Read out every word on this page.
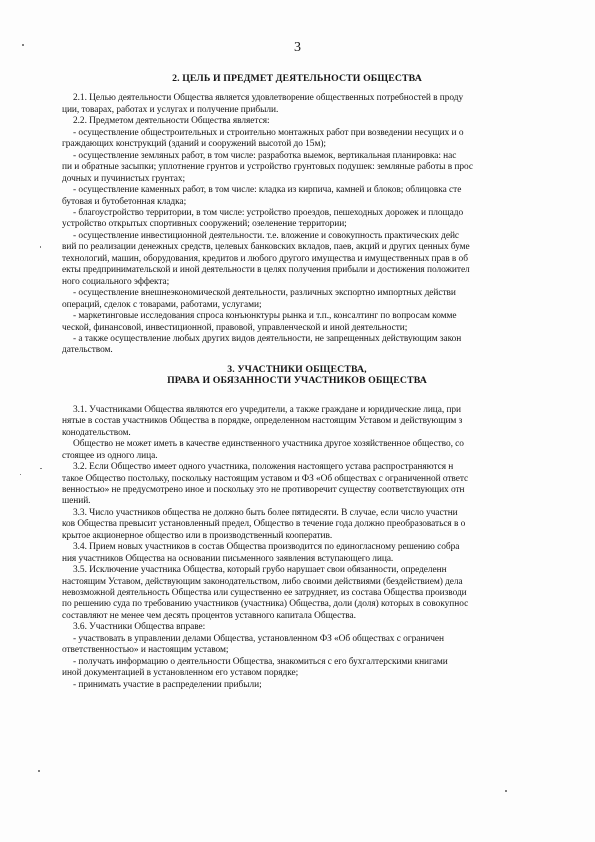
3

2. ЦЕЛЬ И ПРЕДМЕТ ДЕЯТЕЛЬНОСТИ ОБЩЕСТВА

2.1. Целью деятельности Общества является удовлетворение общественных потребностей в проду

ции, товарах, работах и услугах и получение прибыли.

2.2. Предметом деятельности Общества является:

- осуществление общестроительных и строительно монтажных работ при возведении несущих и о

граждающих конструкций (зданий и сооружений высотой до 15м);

- осуществление земляных работ, в том числе: разработка выемок, вертикальная планировка: нас

пи и обратные засыпки; уплотнение грунтов и устройство грунтовых подушек: земляные работы в прос

дочных и пучинистых грунтах;

- осуществление каменных работ, в том числе: кладка из кирпича, камней и блоков; облицовка сте

бутовая и бутобетонная кладка;

- благоустройство территории, в том числе: устройство проездов, пешеходных дорожек и площадо

устройство открытых спортивных сооружений; озеленение территории;

- осуществление инвестиционной деятельности. т.е. вложение и совокупность практических дейс

вий по реализации денежных средств, целевых банковских вкладов, паев, акций и других ценных буме

технологий, машин, оборудования, кредитов и любого другого имущества и имущественных прав в об

екты предпринимательской и иной деятельности в целях получения прибыли и достижения положител

ного социального эффекта;

- осуществление внешнеэкономической деятельности, различных экспортно импортных действи

операций, сделок с товарами, работами, услугами;

- маркетинговые исследования спроса конъюнктуры рынка и т.п., консалтинг по вопросам комме

ческой, финансовой, инвестиционной, правовой, управленческой и иной деятельности;

- а также осуществление любых других видов деятельности, не запрещенных действующим закон

дательством.

3. УЧАСТНИКИ ОБЩЕСТВА,

ПРАВА И ОБЯЗАННОСТИ УЧАСТНИКОВ ОБЩЕСТВА

3.1. Участниками Общества являются его учредители, а также граждане и юридические лица, при

нятые в состав участников Общества в порядке, определенном настоящим Уставом и действующим з

конодательством.

Общество не может иметь в качестве единственного участника другое хозяйственное общество, со

стоящее из одного лица.

3.2. Если Общество имеет одного участника, положения настоящего устава распространяются н

такое Общество постольку, поскольку настоящим уставом и ФЗ «Об обществах с ограниченной ответс

венностью» не предусмотрено иное и поскольку это не противоречит существу соответствующих отн

шений.

3.3. Число участников общества не должно быть более пятидесяти. В случае, если число участни

ков Общества превысит установленный предел, Общество в течение года должно преобразоваться в о

крытое акционерное общество или в производственный кооператив.

3.4. Прием новых участников в состав Общества производится по единогласному решению собра

ния участников Общества на основании письменного заявления вступающего лица.

3.5. Исключение участника Общества, который грубо нарушает свои обязанности, определенн

настоящим Уставом, действующим законодательством, либо своими действиями (бездействием) дела

невозможной деятельность Общества или существенно ее затрудняет, из состава Общества производи

по решению суда по требованию участников (участника) Общества, доли (доля) которых в совокупнос

составляют не менее чем десять процентов уставного капитала Общества.

3.6. Участники Общества вправе:

- участвовать в управлении делами Общества, установленном ФЗ «Об обществах с ограничен

ответственностью» и настоящим уставом;

- получать информацию о деятельности Общества, знакомиться с его бухгалтерскими книгами

иной документацией в установленном его уставом порядке;

- принимать участие в распределении прибыли;
